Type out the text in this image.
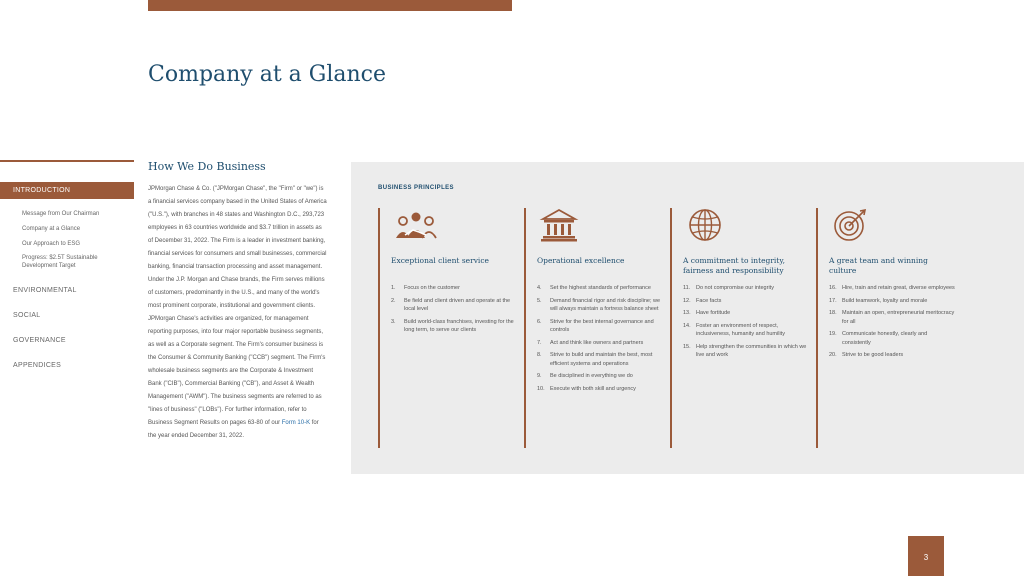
Company at a Glance
INTRODUCTION
Message from Our Chairman
Company at a Glance
Our Approach to ESG
Progress: $2.5T Sustainable Development Target
ENVIRONMENTAL
SOCIAL
GOVERNANCE
APPENDICES
How We Do Business

JPMorgan Chase & Co. ("JPMorgan Chase", the "Firm" or "we") is a financial services company based in the United States of America ("U.S."), with branches in 48 states and Washington D.C., 293,723 employees in 63 countries worldwide and $3.7 trillion in assets as of December 31, 2022. The Firm is a leader in investment banking, financial services for consumers and small businesses, commercial banking, financial transaction processing and asset management. Under the J.P. Morgan and Chase brands, the Firm serves millions of customers, predominantly in the U.S., and many of the world's most prominent corporate, institutional and government clients. JPMorgan Chase's activities are organized, for management reporting purposes, into four major reportable business segments, as well as a Corporate segment. The Firm's consumer business is the Consumer & Community Banking ("CCB") segment. The Firm's wholesale business segments are the Corporate & Investment Bank ("CIB"), Commercial Banking ("CB"), and Asset & Wealth Management ("AWM"). The business segments are referred to as "lines of business" ("LOBs"). For further information, refer to Business Segment Results on pages 63-80 of our Form 10-K for the year ended December 31, 2022.

BUSINESS PRINCIPLES
Exceptional client service
1.	Focus on the customer
2.	Be field and client driven and operate at the local level
3.	Build world-class franchises, investing for the long term, to serve our clients
Operational excellence
4.	Set the highest standards of performance
5.	Demand financial rigor and risk discipline; we will always maintain a fortress balance sheet
6.	Strive for the best internal governance and controls
7.	Act and think like owners and partners
8.	Strive to build and maintain the best, most efficient systems and operations
9.	Be disciplined in everything we do
10. Execute with both skill and urgency
A commitment to integrity, fairness and responsibility
11.	Do not compromise our integrity
12. Face facts
13. Have fortitude
14. Foster an environment of respect, inclusiveness, humanity and humility
15. Help strengthen the communities in which we live and work
A great team and winning culture
16. Hire, train and retain great, diverse employees
17. Build teamwork, loyalty and morale
18. Maintain an open, entrepreneurial meritocracy for all
19. Communicate honestly, clearly and consistently
20. Strive to be good leaders
3
